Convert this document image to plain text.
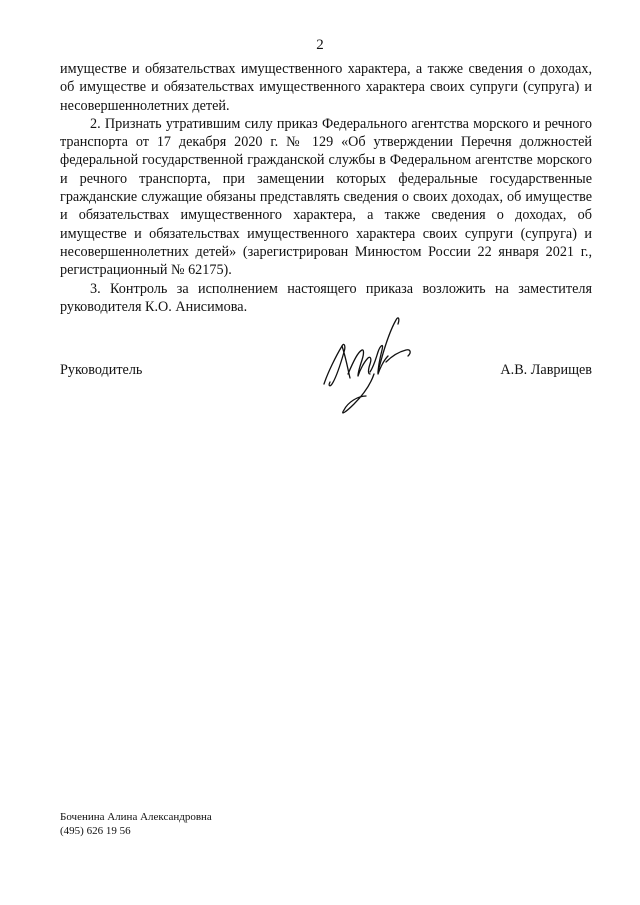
2

имуществе и обязательствах имущественного характера, а также сведения о доходах, об имуществе и обязательствах имущественного характера своих супруги (супруга) и несовершеннолетних детей.

2. Признать утратившим силу приказ Федерального агентства морского и речного транспорта от 17 декабря 2020 г. № 129 «Об утверждении Перечня должностей федеральной государственной гражданской службы в Федеральном агентстве морского и речного транспорта, при замещении которых федеральные государственные гражданские служащие обязаны представлять сведения о своих доходах, об имуществе и обязательствах имущественного характера, а также сведения о доходах, об имуществе и обязательствах имущественного характера своих супруги (супруга) и несовершеннолетних детей» (зарегистрирован Минюстом России 22 января 2021 г., регистрационный № 62175).

3. Контроль за исполнением настоящего приказа возложить на заместителя руководителя К.О. Анисимова.

Руководитель	А.В. Лаврищев
Боченина Алина Александровна
(495) 626 19 56
